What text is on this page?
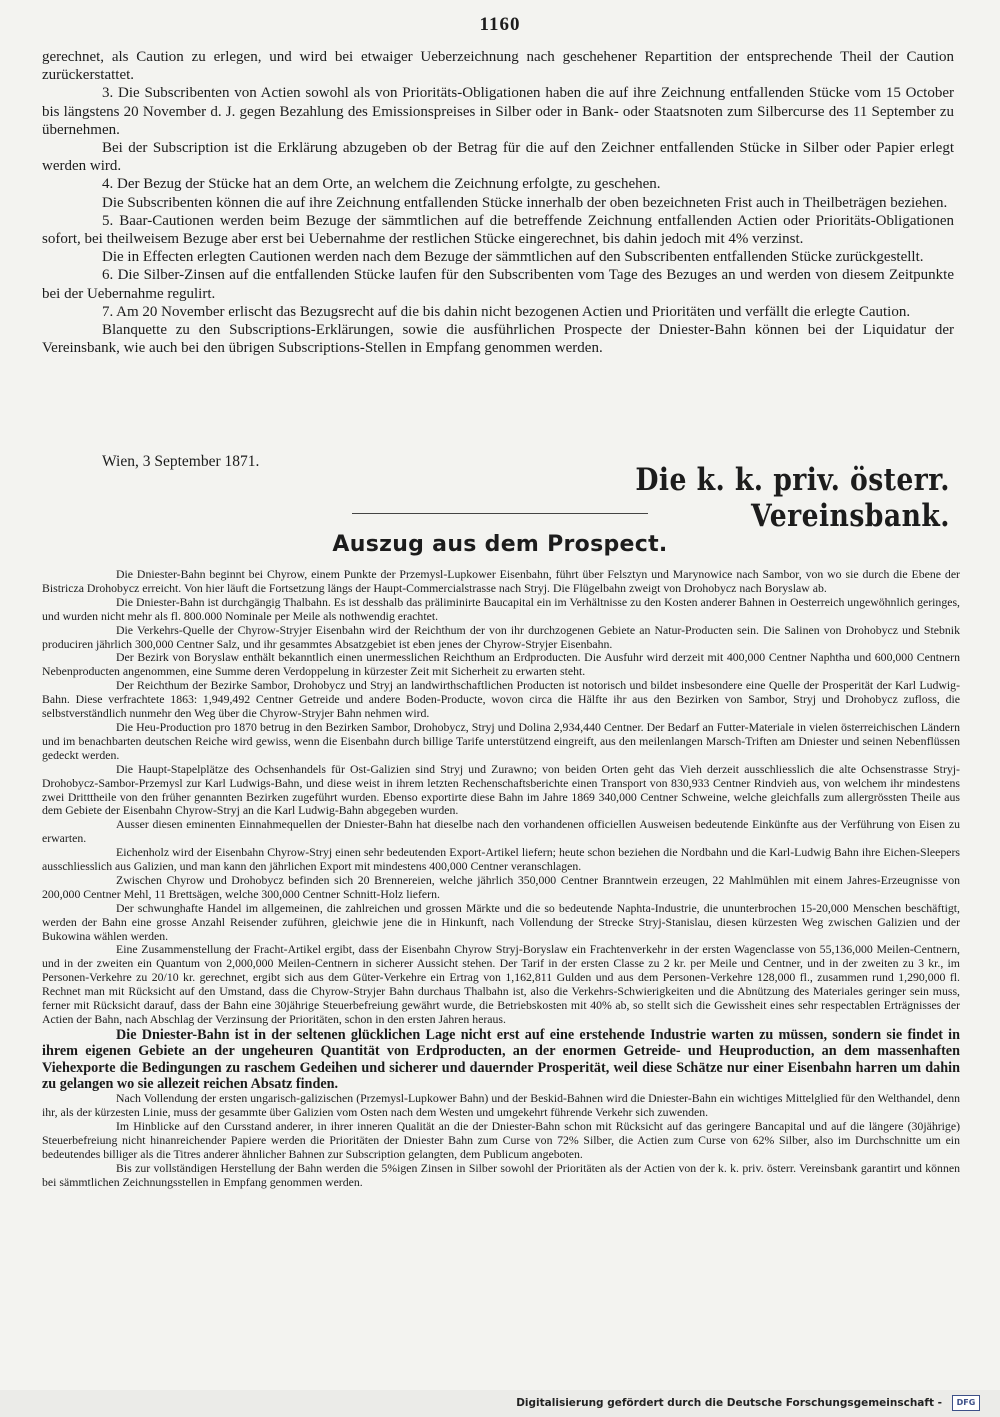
1160

gerechnet, als Caution zu erlegen, und wird bei etwaiger Ueberzeichnung nach geschehener Repartition der entsprechende Theil der Caution zurückerstattet.

3. Die Subscribenten von Actien sowohl als von Prioritäts-Obligationen haben die auf ihre Zeichnung entfallenden Stücke vom 15 October bis längstens 20 November d. J. gegen Bezahlung des Emissionspreises in Silber oder in Bank- oder Staatsnoten zum Silbercurse des 11 September zu übernehmen.

Bei der Subscription ist die Erklärung abzugeben ob der Betrag für die auf den Zeichner entfallenden Stücke in Silber oder Papier erlegt werden wird.

4. Der Bezug der Stücke hat an dem Orte, an welchem die Zeichnung erfolgte, zu geschehen.

Die Subscribenten können die auf ihre Zeichnung entfallenden Stücke innerhalb der oben bezeichneten Frist auch in Theilbeträgen beziehen.

5. Baar-Cautionen werden beim Bezuge der sämmtlichen auf die betreffende Zeichnung entfallenden Actien oder Prioritäts-Obligationen sofort, bei theilweisem Bezuge aber erst bei Uebernahme der restlichen Stücke eingerechnet, bis dahin jedoch mit 4% verzinst.

Die in Effecten erlegten Cautionen werden nach dem Bezuge der sämmtlichen auf den Subscribenten entfallenden Stücke zurückgestellt.

6. Die Silber-Zinsen auf die entfallenden Stücke laufen für den Subscribenten vom Tage des Bezuges an und werden von diesem Zeitpunkte bei der Uebernahme regulirt.

7. Am 20 November erlischt das Bezugsrecht auf die bis dahin nicht bezogenen Actien und Prioritäten und verfällt die erlegte Caution.

Blanquette zu den Subscriptions-Erklärungen, sowie die ausführlichen Prospecte der Dniester-Bahn können bei der Liquidatur der Vereinsbank, wie auch bei den übrigen Subscriptions-Stellen in Empfang genommen werden.

Wien, 3 September 1871.
Die k. k. priv. österr. Vereinsbank.
Auszug aus dem Prospect.

Die Dniester-Bahn beginnt bei Chyrow, einem Punkte der Przemysl-Lupkower Eisenbahn, führt über Felsztyn und Marynowice nach Sambor, von wo sie durch die Ebene der Bistricza Drohobycz erreicht. Von hier läuft die Fortsetzung längs der Haupt-Commercialstrasse nach Stryj. Die Flügelbahn zweigt von Drohobycz nach Boryslaw ab.

Die Dniester-Bahn ist durchgängig Thalbahn. Es ist desshalb das präliminirte Baucapital ein im Verhältnisse zu den Kosten anderer Bahnen in Oesterreich ungewöhnlich geringes, und wurden nicht mehr als fl. 800.000 Nominale per Meile als nothwendig erachtet.

Die Verkehrs-Quelle der Chyrow-Stryjer Eisenbahn wird der Reichthum der von ihr durchzogenen Gebiete an Natur-Producten sein. Die Salinen von Drohobycz und Stebnik produciren jährlich 300,000 Centner Salz, und ihr gesammtes Absatzgebiet ist eben jenes der Chyrow-Stryjer Eisenbahn.

Der Bezirk von Boryslaw enthält bekanntlich einen unermesslichen Reichthum an Erdproducten. Die Ausfuhr wird derzeit mit 400,000 Centner Naphtha und 600,000 Centnern Nebenproducten angenommen, eine Summe deren Verdoppelung in kürzester Zeit mit Sicherheit zu erwarten steht.

Der Reichthum der Bezirke Sambor, Drohobycz und Stryj an landwirthschaftlichen Producten ist notorisch und bildet insbesondere eine Quelle der Prosperität der Karl Ludwig-Bahn. Diese verfrachtete 1863: 1,949,492 Centner Getreide und andere Boden-Producte, wovon circa die Hälfte ihr aus den Bezirken von Sambor, Stryj und Drohobycz zufloss, die selbstverständlich nunmehr den Weg über die Chyrow-Stryjer Bahn nehmen wird.

Die Heu-Production pro 1870 betrug in den Bezirken Sambor, Drohobycz, Stryj und Dolina 2,934,440 Centner. Der Bedarf an Futter-Materiale in vielen österreichischen Ländern und im benachbarten deutschen Reiche wird gewiss, wenn die Eisenbahn durch billige Tarife unterstützend eingreift, aus den meilenlangen Marsch-Triften am Dniester und seinen Nebenflüssen gedeckt werden.

Die Haupt-Stapelplätze des Ochsenhandels für Ost-Galizien sind Stryj und Zurawno; von beiden Orten geht das Vieh derzeit ausschliesslich die alte Ochsenstrasse Stryj-Drohobycz-Sambor-Przemysl zur Karl Ludwigs-Bahn, und diese weist in ihrem letzten Rechenschaftsberichte einen Transport von 830,933 Centner Rindvieh aus, von welchem ihr mindestens zwei Dritttheile von den früher genannten Bezirken zugeführt wurden. Ebenso exportirte diese Bahn im Jahre 1869 340,000 Centner Schweine, welche gleichfalls zum allergrössten Theile aus dem Gebiete der Eisenbahn Chyrow-Stryj an die Karl Ludwig-Bahn abgegeben wurden.

Ausser diesen eminenten Einnahmequellen der Dniester-Bahn hat dieselbe nach den vorhandenen officiellen Ausweisen bedeutende Einkünfte aus der Verführung von Eisen zu erwarten.

Eichenholz wird der Eisenbahn Chyrow-Stryj einen sehr bedeutenden Export-Artikel liefern; heute schon beziehen die Nordbahn und die Karl-Ludwig Bahn ihre Eichen-Sleepers ausschliesslich aus Galizien, und man kann den jährlichen Export mit mindestens 400,000 Centner veranschlagen.

Zwischen Chyrow und Drohobycz befinden sich 20 Brennereien, welche jährlich 350,000 Centner Branntwein erzeugen, 22 Mahlmühlen mit einem Jahres-Erzeugnisse von 200,000 Centner Mehl, 11 Brettsägen, welche 300,000 Centner Schnitt-Holz liefern.

Der schwunghafte Handel im allgemeinen, die zahlreichen und grossen Märkte und die so bedeutende Naphta-Industrie, die ununterbrochen 15-20,000 Menschen beschäftigt, werden der Bahn eine grosse Anzahl Reisender zuführen, gleichwie jene die in Hinkunft, nach Vollendung der Strecke Stryj-Stanislau, diesen kürzesten Weg zwischen Galizien und der Bukowina wählen werden.

Eine Zusammenstellung der Fracht-Artikel ergibt, dass der Eisenbahn Chyrow Stryj-Boryslaw ein Frachtenverkehr in der ersten Wagenclasse von 55,136,000 Meilen-Centnern, und in der zweiten ein Quantum von 2,000,000 Meilen-Centnern in sicherer Aussicht stehen. Der Tarif in der ersten Classe zu 2 kr. per Meile und Centner, und in der zweiten zu 3 kr., im Personen-Verkehre zu 20/10 kr. gerechnet, ergibt sich aus dem Güter-Verkehre ein Ertrag von 1,162,811 Gulden und aus dem Personen-Verkehre 128,000 fl., zusammen rund 1,290,000 fl. Rechnet man mit Rücksicht auf den Umstand, dass die Chyrow-Stryjer Bahn durchaus Thalbahn ist, also die Verkehrs-Schwierigkeiten und die Abnützung des Materiales geringer sein muss, ferner mit Rücksicht darauf, dass der Bahn eine 30jährige Steuerbefreiung gewährt wurde, die Betriebskosten mit 40% ab, so stellt sich die Gewissheit eines sehr respectablen Erträgnisses der Actien der Bahn, nach Abschlag der Verzinsung der Prioritäten, schon in den ersten Jahren heraus.

Die Dniester-Bahn ist in der seltenen glücklichen Lage nicht erst auf eine erstehende Industrie warten zu müssen, sondern sie findet in ihrem eigenen Gebiete an der ungeheuren Quantität von Erdproducten, an der enormen Getreide- und Heuproduction, an dem massenhaften Viehexporte die Bedingungen zu raschem Gedeihen und sicherer und dauernder Prosperität, weil diese Schätze nur einer Eisenbahn harren um dahin zu gelangen wo sie allezeit reichen Absatz finden.

Nach Vollendung der ersten ungarisch-galizischen (Przemysl-Lupkower Bahn) und der Beskid-Bahnen wird die Dniester-Bahn ein wichtiges Mittelglied für den Welthandel, denn ihr, als der kürzesten Linie, muss der gesammte über Galizien vom Osten nach dem Westen und umgekehrt führende Verkehr sich zuwenden.

Im Hinblicke auf den Cursstand anderer, in ihrer inneren Qualität an die der Dniester-Bahn schon mit Rücksicht auf das geringere Bancapital und auf die längere (30jährige) Steuerbefreiung nicht hinanreichender Papiere werden die Prioritäten der Dniester Bahn zum Curse von 72% Silber, die Actien zum Curse von 62% Silber, also im Durchschnitte um ein bedeutendes billiger als die Titres anderer ähnlicher Bahnen zur Subscription gelangten, dem Publicum angeboten.

Bis zur vollständigen Herstellung der Bahn werden die 5%igen Zinsen in Silber sowohl der Prioritäten als der Actien von der k. k. priv. österr. Vereinsbank garantirt und können bei sämmtlichen Zeichnungsstellen in Empfang genommen werden.

Digitalisierung gefördert durch die Deutsche Forschungsgemeinschaft -	DFG
